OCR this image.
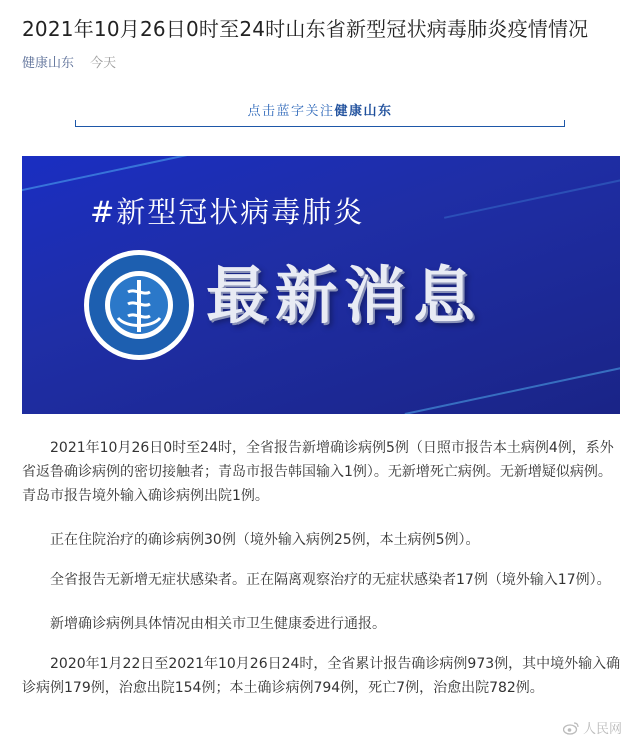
2021年10月26日0时至24时山东省新型冠状病毒肺炎疫情情况
健康山东 今天
点击蓝字关注健康山东
#新型冠状病毒肺炎
最新消息

2021年10月26日0时至24时，全省报告新增确诊病例5例（日照市报告本土病例4例，系外省返鲁确诊病例的密切接触者；青岛市报告韩国输入1例）。无新增死亡病例。无新增疑似病例。青岛市报告境外输入确诊病例出院1例。

正在住院治疗的确诊病例30例（境外输入病例25例，本土病例5例）。

全省报告无新增无症状感染者。正在隔离观察治疗的无症状感染者17例（境外输入17例）。

新增确诊病例具体情况由相关市卫生健康委进行通报。

2020年1月22日至2021年10月26日24时，全省累计报告确诊病例973例，其中境外输入确诊病例179例，治愈出院154例；本土确诊病例794例，死亡7例，治愈出院782例。

人民网
